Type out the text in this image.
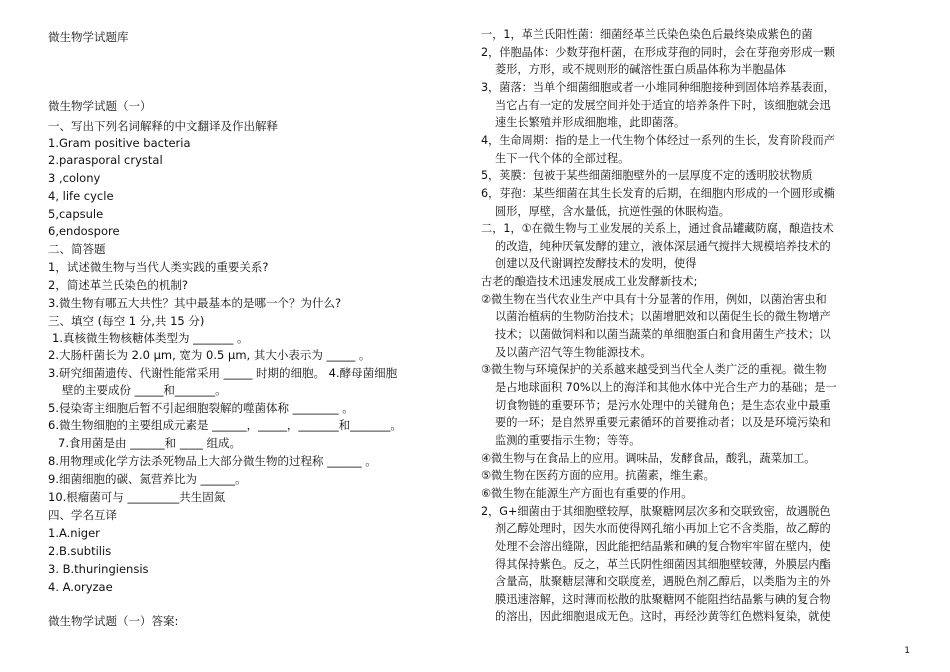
微生物学试题库
微生物学试题（一）
一、写出下列名词解释的中文翻译及作出解释
1.Gram positive bacteria
2.parasporal crystal
3 ,colony
4, life cycle
5,capsule
6,endospore
二、简答题
1，试述微生物与当代人类实践的重要关系?
2，简述革兰氏染色的机制?
3.微生物有哪五大共性？其中最基本的是哪一个？为什么?
三、填空 (每空 1 分,共 15 分)
1.真核微生物核糖体类型为 _______ 。
2.大肠杆菌长为 2.0 μm, 宽为 0.5 μm, 其大小表示为 _____ 。
3.研究细菌遗传、代谢性能常采用 _____ 时期的细胞。 4.酵母菌细胞
壁的主要成份 _____和_______。
5.侵染寄主细胞后暂不引起细胞裂解的噬菌体称 ________ 。
6.微生物细胞的主要组成元素是 ______，_____，_______和_______。
7.食用菌是由 ______和 ____ 组成。
8.用物理或化学方法杀死物品上大部分微生物的过程称 ______ 。
9.细菌细胞的碳、氮营养比为 ______。
10.根瘤菌可与 _________共生固氮
四、学名互译
1.A.niger
2.B.subtilis
3. B.thuringiensis
4. A.oryzae
微生物学试题（一）答案:
一，1，革兰氏阳性菌：细菌经革兰氏染色染色后最终染成紫色的菌
2，伴胞晶体：少数芽孢杆菌，在形成芽孢的同时，会在芽孢旁形成一颗
菱形，方形，或不规则形的碱溶性蛋白质晶体称为半胞晶体
3，菌落：当单个细菌细胞或者一小堆同种细胞接种到固体培养基表面，
当它占有一定的发展空间并处于适宜的培养条件下时，该细胞就会迅
速生长繁殖并形成细胞堆，此即菌落。
4，生命周期：指的是上一代生物个体经过一系列的生长，发育阶段而产
生下一代个体的全部过程。
5，荚膜：包被于某些细菌细胞壁外的一层厚度不定的透明胶状物质
6，芽孢：某些细菌在其生长发育的后期，在细胞内形成的一个圆形或椭
圆形，厚壁，含水量低，抗逆性强的休眠构造。
二，1，①在微生物与工业发展的关系上，通过食品罐藏防腐，酿造技术
的改造，纯种厌氧发酵的建立，液体深层通气搅拌大规模培养技术的
创建以及代谢调控发酵技术的发明，使得
古老的酿造技术迅速发展成工业发酵新技术;
②微生物在当代农业生产中具有十分显著的作用，例如，以菌治害虫和
以菌治植病的生物防治技术；以菌增肥效和以菌促生长的微生物增产
技术；以菌做饲料和以菌当蔬菜的单细胞蛋白和食用菌生产技术；以
及以菌产沼气等生物能源技术。
③微生物与环境保护的关系越来越受到当代全人类广泛的重视。微生物
是占地球面积 70%以上的海洋和其他水体中光合生产力的基础；是一
切食物链的重要环节；是污水处理中的关键角色；是生态农业中最重
要的一环；是自然界重要元素循环的首要推动者；以及是环境污染和
监测的重要指示生物；等等。
④微生物与在食品上的应用。调味品，发酵食品，酸乳，蔬菜加工。
⑤微生物在医药方面的应用。抗菌素，维生素。
⑥微生物在能源生产方面也有重要的作用。
2，G+细菌由于其细胞壁较厚，肽聚糖网层次多和交联致密，故遇脱色
剂乙醇处理时，因失水而使得网孔缩小再加上它不含类脂，故乙醇的
处理不会溶出缝隙，因此能把结晶紫和碘的复合物牢牢留在壁内，使
得其保持紫色。反之，革兰氏阴性细菌因其细胞壁较薄，外膜层内酯
含量高，肽聚糖层薄和交联度差，遇脱色剂乙醇后，以类脂为主的外
膜迅速溶解，这时薄而松散的肽聚糖网不能阻挡结晶紫与碘的复合物
的溶出，因此细胞退成无色。这时，再经沙黄等红色燃料复染，就使
1
